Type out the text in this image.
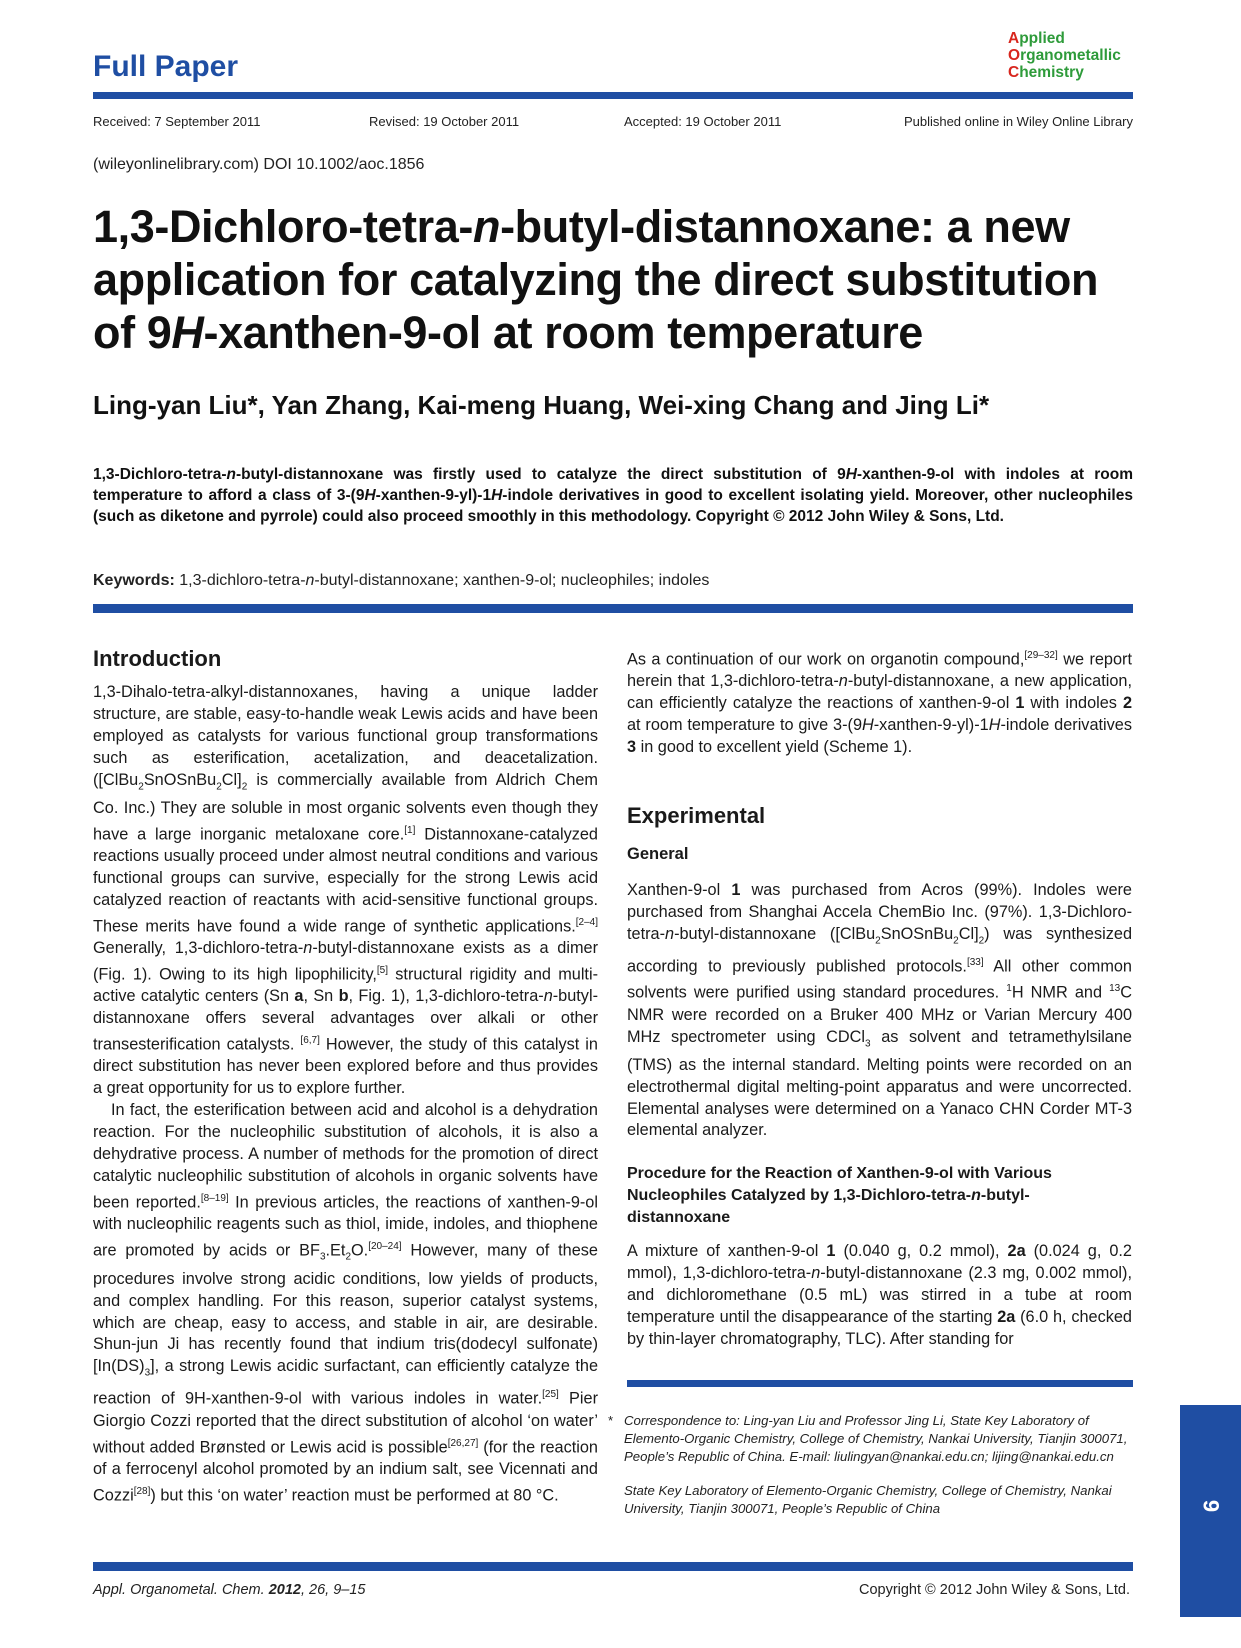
Full Paper
Applied
Organometallic
Chemistry
Received: 7 September 2011	Revised: 19 October 2011	Accepted: 19 October 2011	Published online in Wiley Online Library
(wileyonlinelibrary.com) DOI 10.1002/aoc.1856
1,3-Dichloro-tetra-n-butyl-distannoxane: a new
application for catalyzing the direct substitution
of 9H-xanthen-9-ol at room temperature
Ling-yan Liu*, Yan Zhang, Kai-meng Huang, Wei-xing Chang and Jing Li*
1,3-Dichloro-tetra-n-butyl-distannoxane was firstly used to catalyze the direct substitution of 9H-xanthen-9-ol with indoles at room temperature to afford a class of 3-(9H-xanthen-9-yl)-1H-indole derivatives in good to excellent isolating yield. Moreover, other nucleophiles (such as diketone and pyrrole) could also proceed smoothly in this methodology. Copyright © 2012 John Wiley & Sons, Ltd.
Keywords: 1,3-dichloro-tetra-n-butyl-distannoxane; xanthen-9-ol; nucleophiles; indoles
Introduction

1,3-Dihalo-tetra-alkyl-distannoxanes, having a unique ladder structure, are stable, easy-to-handle weak Lewis acids and have been employed as catalysts for various functional group transformations such as esterification, acetalization, and deacetalization. ($[ClBu_2SnOSnBu_2Cl]_2$ is commercially available from Aldrich Chem Co. Inc.) They are soluble in most organic solvents even though they have a large inorganic metaloxane core.[1] Distannoxane-catalyzed reactions usually proceed under almost neutral conditions and various functional groups can survive, especially for the strong Lewis acid catalyzed reaction of reactants with acid-sensitive functional groups. These merits have found a wide range of synthetic applications.[2–4] Generally, 1,3-dichloro-tetra-n-butyl-distannoxane exists as a dimer (Fig. 1). Owing to its high lipophilicity,[5] structural rigidity and multi-active catalytic centers (Sn a, Sn b, Fig. 1), 1,3-dichloro-tetra-n-butyl-distannoxane offers several advantages over alkali or other transesterification catalysts. [6,7] However, the study of this catalyst in direct substitution has never been explored before and thus provides a great opportunity for us to explore further.

In fact, the esterification between acid and alcohol is a dehydration reaction. For the nucleophilic substitution of alcohols, it is also a dehydrative process. A number of methods for the promotion of direct catalytic nucleophilic substitution of alcohols in organic solvents have been reported.[8–19] In previous articles, the reactions of xanthen-9-ol with nucleophilic reagents such as thiol, imide, indoles, and thiophene are promoted by acids or $BF_3.Et_2O.[20-24]$ However, many of these procedures involve strong acidic conditions, low yields of products, and complex handling. For this reason, superior catalyst systems, which are cheap, easy to access, and stable in air, are desirable. Shun-jun Ji has recently found that indium tris(dodecyl sulfonate) $[In(DS)_3]$, a strong Lewis acidic surfactant, can efficiently catalyze the reaction of 9H-xanthen-9-ol with various indoles in water.[25] Pier Giorgio Cozzi reported that the direct substitution of alcohol ‘on water’ without added Brønsted or Lewis acid is possible[26,27] (for the reaction of a ferrocenyl alcohol promoted by an indium salt, see Vicennati and Cozzi[28]) but this ‘on water’ reaction must be performed at 80 °C.

As a continuation of our work on organotin compound,[29–32] we report herein that 1,3-dichloro-tetra-n-butyl-distannoxane, a new application, can efficiently catalyze the reactions of xanthen-9-ol 1 with indoles 2 at room temperature to give 3-(9H-xanthen-9-yl)-1H-indole derivatives 3 in good to excellent yield (Scheme 1).

Experimental
General
Xanthen-9-ol 1 was purchased from Acros (99%). Indoles were purchased from Shanghai Accela ChemBio Inc. (97%). 1,3-Dichloro-tetra-n-butyl-distannoxane $([ClBu_2SnOSnBu_2Cl]_2)$ was synthesized according to previously published protocols.[33] All other common solvents were purified using standard procedures. $^1$H NMR and $^{13}$C NMR were recorded on a Bruker 400 MHz or Varian Mercury 400 MHz spectrometer using CDCl$_3$ as solvent and tetramethylsilane (TMS) as the internal standard. Melting points were recorded on an electrothermal digital melting-point apparatus and were uncorrected. Elemental analyses were determined on a Yanaco CHN Corder MT-3 elemental analyzer.
Procedure for the Reaction of Xanthen-9-ol with Various Nucleophiles Catalyzed by 1,3-Dichloro-tetra-n-butyl-distannoxane
A mixture of xanthen-9-ol 1 (0.040 g, 0.2 mmol), 2a (0.024 g, 0.2 mmol), 1,3-dichloro-tetra-n-butyl-distannoxane (2.3 mg, 0.002 mmol), and dichloromethane (0.5 mL) was stirred in a tube at room temperature until the disappearance of the starting 2a (6.0 h, checked by thin-layer chromatography, TLC). After standing for

* Correspondence to: Ling-yan Liu and Professor Jing Li, State Key Laboratory of Elemento-Organic Chemistry, College of Chemistry, Nankai University, Tianjin 300071, People’s Republic of China. E-mail: liulingyan@nankai.edu.cn; lijing@nankai.edu.cn

State Key Laboratory of Elemento-Organic Chemistry, College of Chemistry, Nankai University, Tianjin 300071, People’s Republic of China	9
Appl. Organometal. Chem. 2012, 26, 9–15	Copyright © 2012 John Wiley & Sons, Ltd.
